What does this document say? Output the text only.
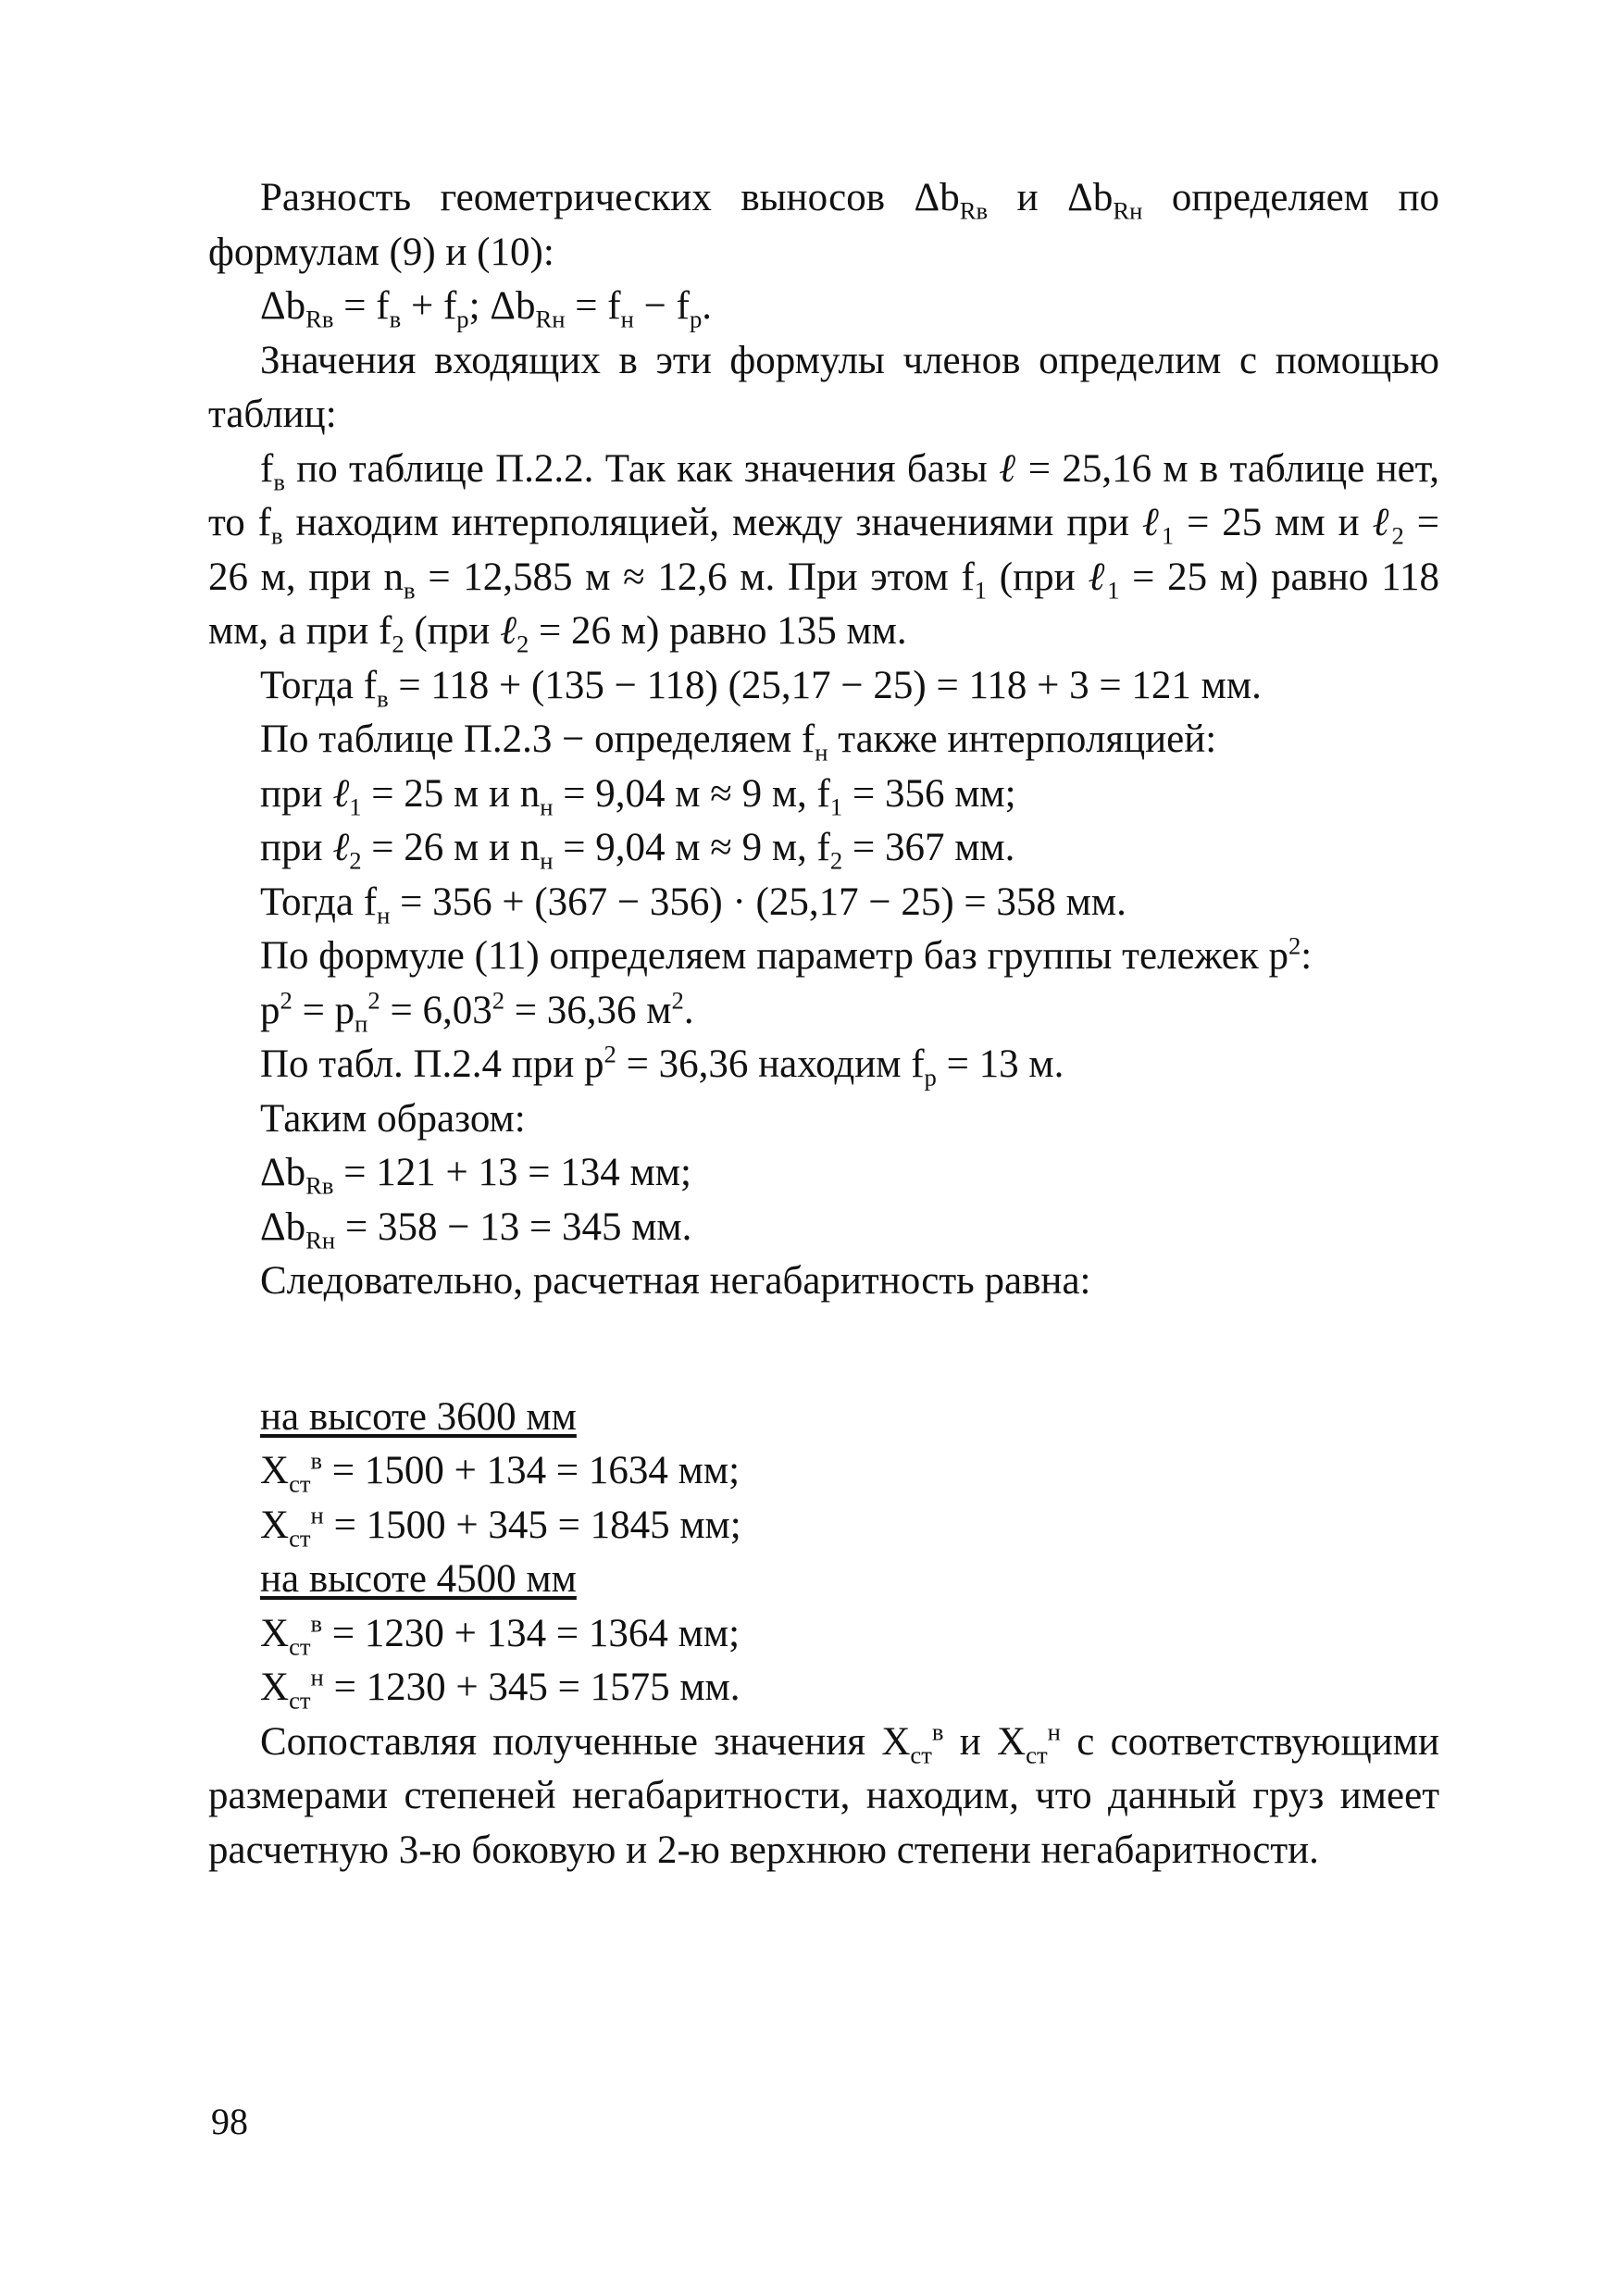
Разность геометрических выносов $\Delta b_{Rв}$ и $\Delta b_{Rн}$ определяем по формулам (9) и (10):

$\Delta b_{Rв} = f_в + f_р$; $\Delta b_{Rн} = f_н - f_р$.

Значения входящих в эти формулы членов определим с помощью таблиц:

$f_в$ по таблице П.2.2. Так как значения базы ℓ = 25,16 м в таблице нет, то $f_в$ находим интерполяцией, между значениями при ℓ$_1$ = 25 мм и ℓ$_2$ = 26 м, при $n_в = 12,585$ м ≈ 12,6 м. При этом $f_1$ (при ℓ$_1$ = 25 м) равно 118 мм, а при $f_2$ (при ℓ$_2$ = 26 м) равно 135 мм.

Тогда $f_в = 118 + (135 - 118) (25,17 - 25) = 118 + 3 = 121$ мм.

По таблице П.2.3 − определяем $f_н$ также интерполяцией:

при ℓ$_1$ = 25 м и $n_н = 9,04$ м ≈ 9 м, $f_1 = 356$ мм;

при ℓ$_2$ = 26 м и $n_н = 9,04$ м ≈ 9 м, $f_2 = 367$ мм.

Тогда $f_н = 356 + (367 - 356) \cdot (25,17 - 25) = 358$ мм.

По формуле (11) определяем параметр баз группы тележек $p^2$:

$p^2 = p_п^2 = 6,03^2 = 36,36$ $м^2$.

По табл. П.2.4 при $p^2 = 36,36$ находим $f_р = 13$ м.

Таким образом:

$\Delta b_{Rв} = 121 + 13 = 134$ мм;

$\Delta b_{Rн} = 358 - 13 = 345$ мм.

Следовательно, расчетная негабаритность равна:

на высоте 3600 мм

$X_{ст}^в = 1500 + 134 = 1634$ мм;

$X_{ст}^н = 1500 + 345 = 1845$ мм;

на высоте 4500 мм

$X_{ст}^в = 1230 + 134 = 1364$ мм;

$X_{ст}^н = 1230 + 345 = 1575$ мм.

Сопоставляя полученные значения $X_{ст}^в$ и $X_{ст}^н$ с соответствующими размерами степеней негабаритности, находим, что данный груз имеет расчетную 3-ю боковую и 2-ю верхнюю степени негабаритности.

98
